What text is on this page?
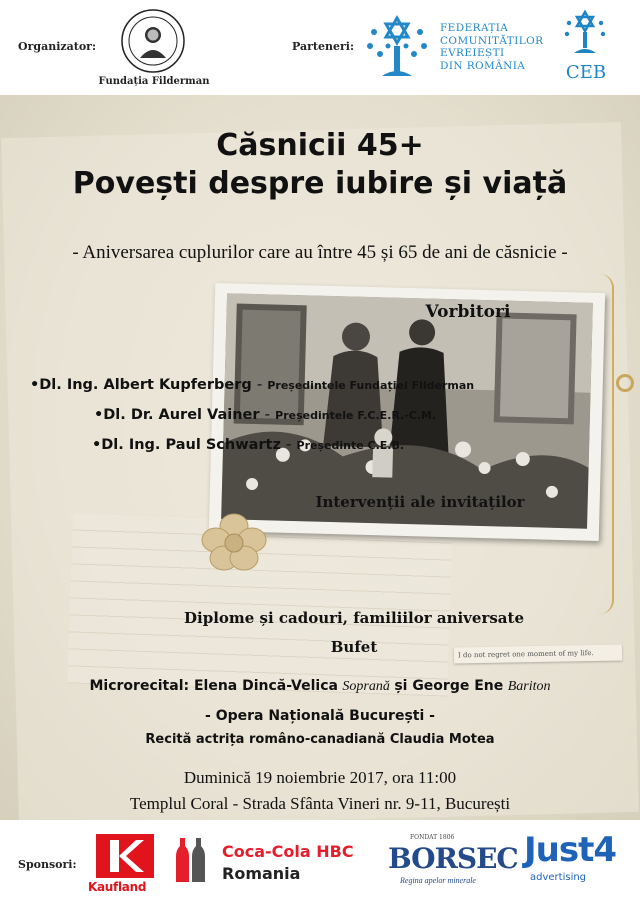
Organizator:
Fundația Filderman
Parteneri:
FEDERAȚIA
COMUNITĂȚILOR
EVREIEȘTI
DIN ROMÂNIA	CEB
I do not regret one moment of my life.
Căsnicii 45+
Povești despre iubire și viață
- Aniversarea cuplurilor care au între 45 și 65 de ani de căsnicie -
Vorbitori
•Dl. Ing. Albert Kupferberg - Președintele Fundației Filderman
•Dl. Dr. Aurel Vainer - Președintele F.C.E.R.-C.M.
•Dl. Ing. Paul Schwartz - Președinte C.E.B.
Intervenții ale invitaților
Diplome și cadouri, familiilor aniversate
Bufet
Microrecital: Elena Dincă-Velica Soprană și George Ene Bariton
- Opera Națională București -
Recită actrița româno-canadiană Claudia Motea
Duminică 19 noiembrie 2017, ora 11:00
Templul Coral - Strada Sfânta Vineri nr. 9-11, București
Sponsori:
Kaufland
Coca-Cola HBC
Romania
FONDAT 1806
BORSEC
Regina apelor minerale
Just4
advertising
